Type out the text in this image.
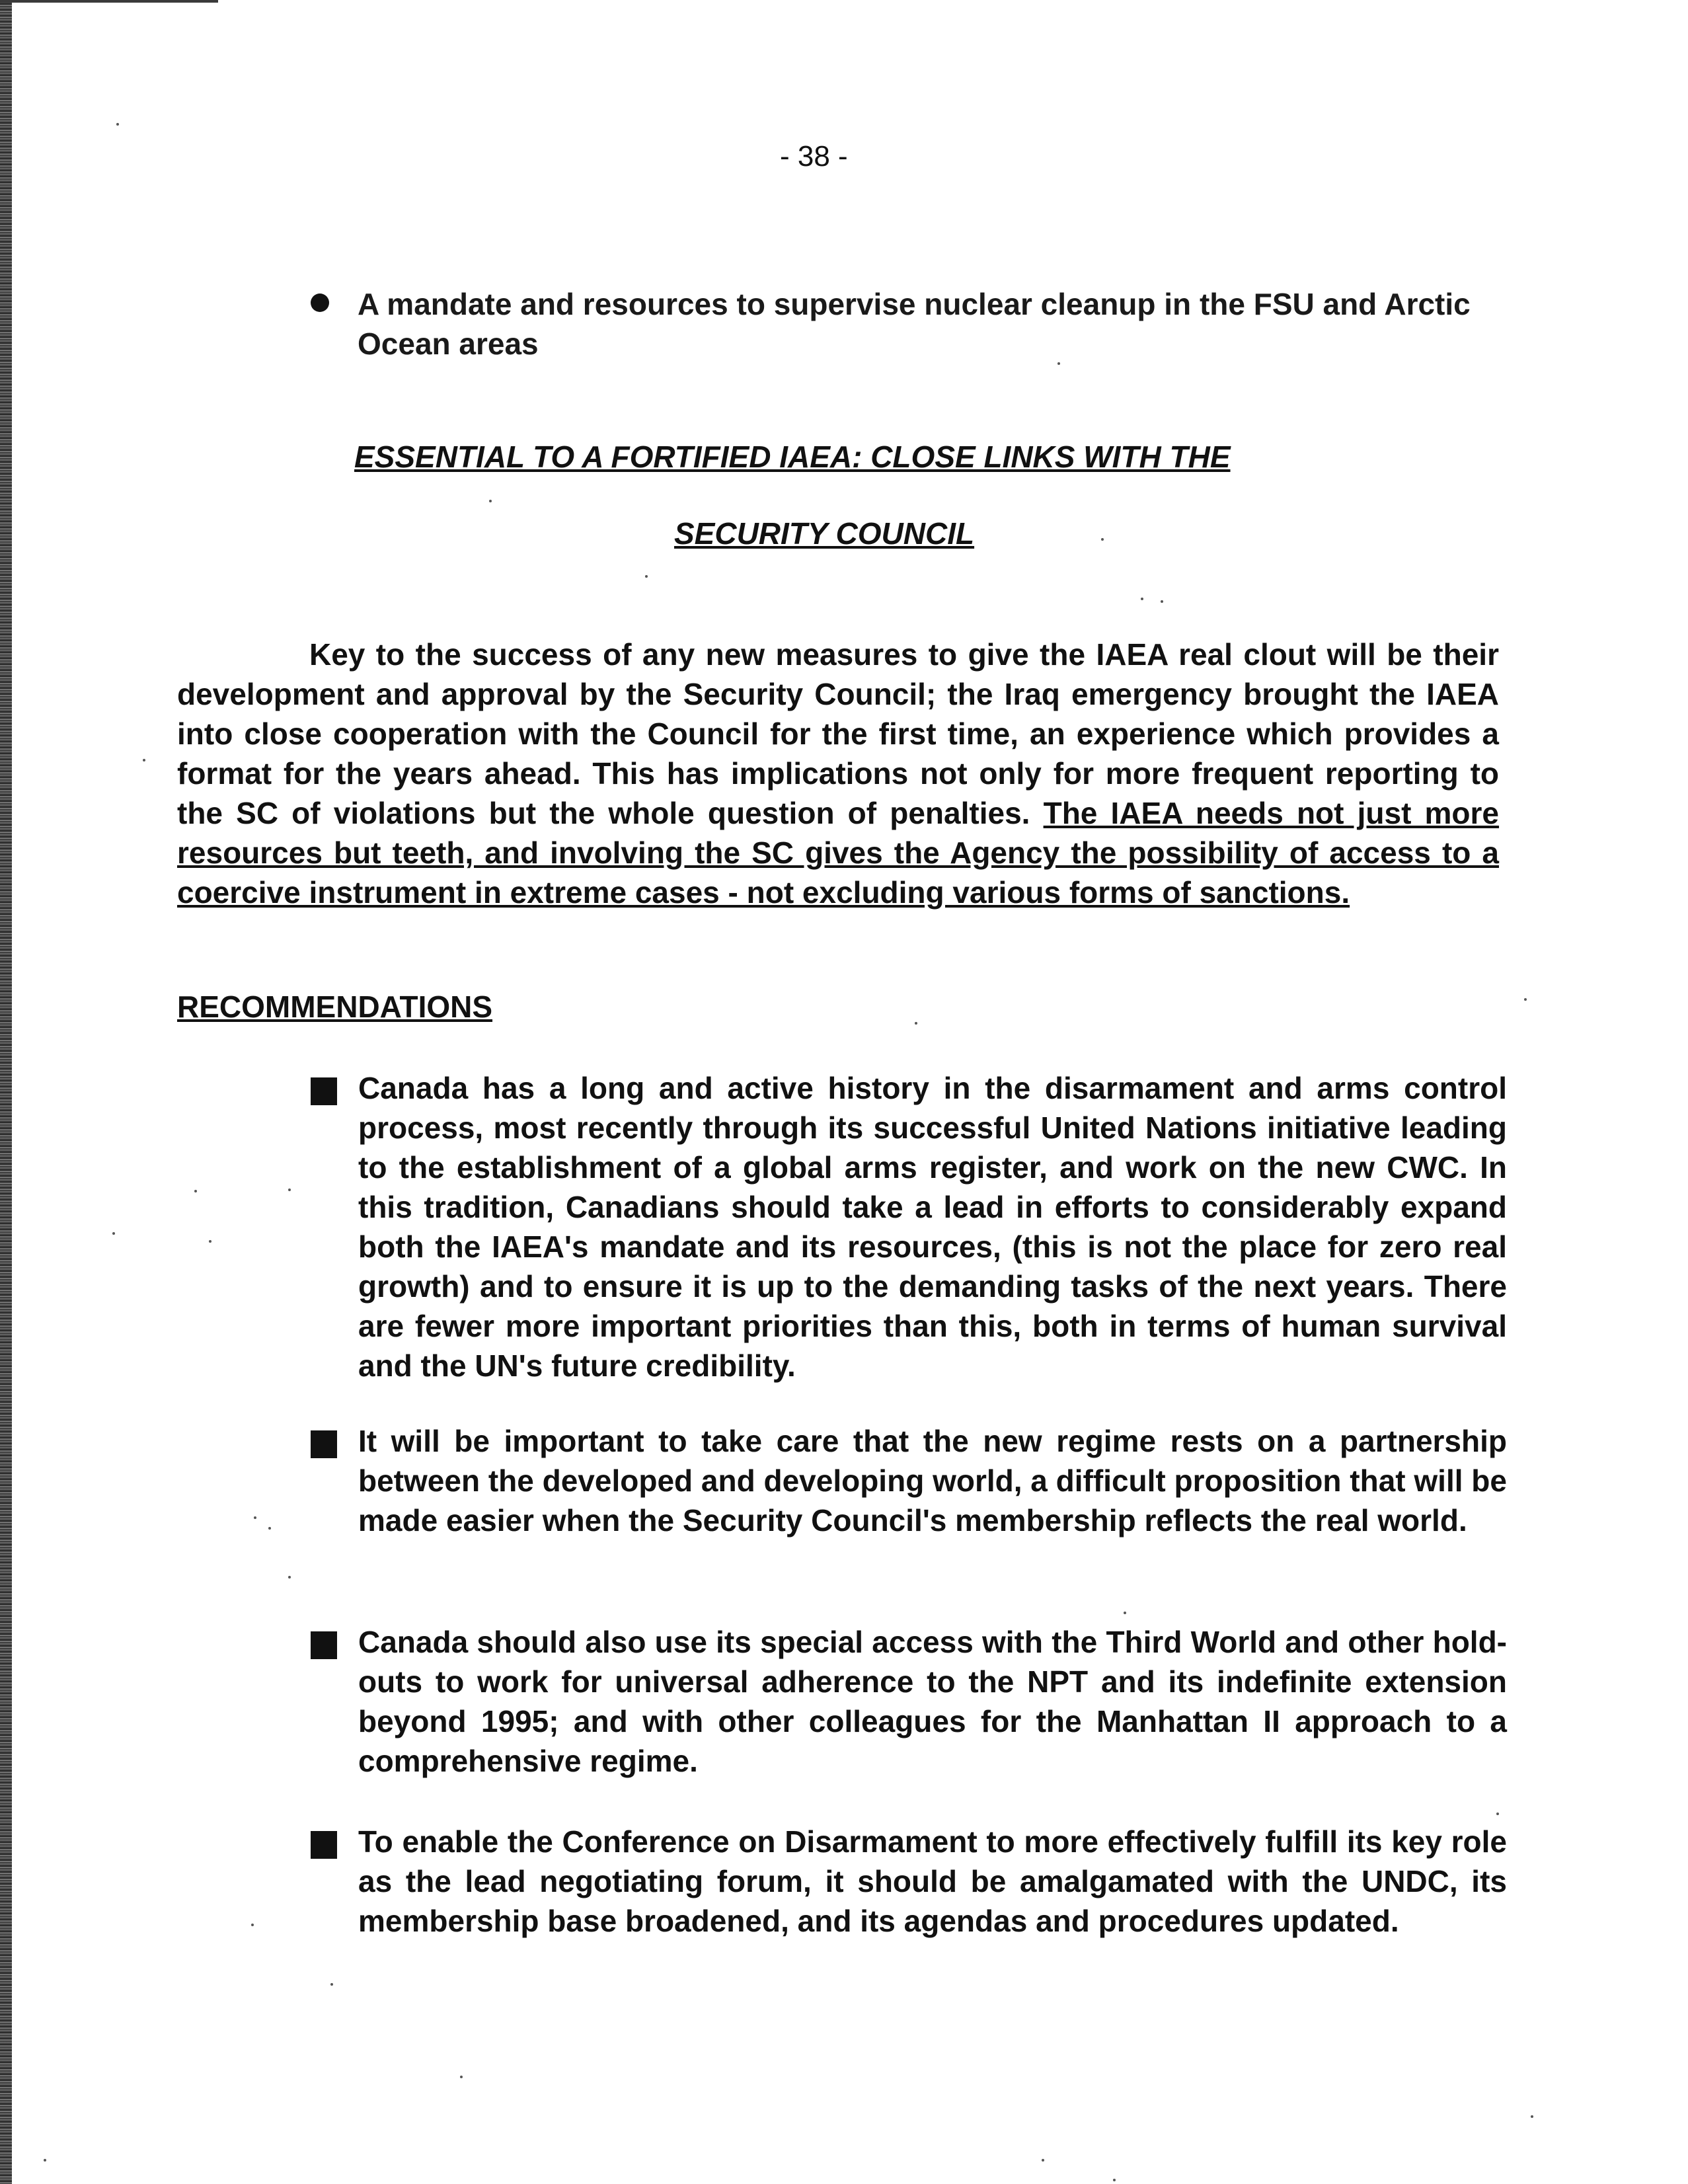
- 38 -
A mandate and resources to supervise nuclear cleanup in the FSU and Arctic Ocean areas
ESSENTIAL TO A FORTIFIED IAEA: CLOSE LINKS WITH THE
SECURITY COUNCIL
Key to the success of any new measures to give the IAEA real clout will be their development and approval by the Security Council; the Iraq emergency brought the IAEA into close cooperation with the Council for the first time, an experience which provides a format for the years ahead. This has implications not only for more frequent reporting to the SC of violations but the whole question of penalties. The IAEA needs not just more resources but teeth, and involving the SC gives the Agency the possibility of access to a coercive instrument in extreme cases - not excluding various forms of sanctions.
RECOMMENDATIONS
Canada has a long and active history in the disarmament and arms control process, most recently through its successful United Nations initiative leading to the establishment of a global arms register, and work on the new CWC. In this tradition, Canadians should take a lead in efforts to considerably expand both the IAEA's mandate and its resources, (this is not the place for zero real growth) and to ensure it is up to the demanding tasks of the next years. There are fewer more important priorities than this, both in terms of human survival and the UN's future credibility.
It will be important to take care that the new regime rests on a partnership between the developed and developing world, a difficult proposition that will be made easier when the Security Council's membership reflects the real world.
Canada should also use its special access with the Third World and other hold-outs to work for universal adherence to the NPT and its indefinite extension beyond 1995; and with other colleagues for the Manhattan II approach to a comprehensive regime.
To enable the Conference on Disarmament to more effectively fulfill its key role as the lead negotiating forum, it should be amalgamated with the UNDC, its membership base broadened, and its agendas and procedures updated.
